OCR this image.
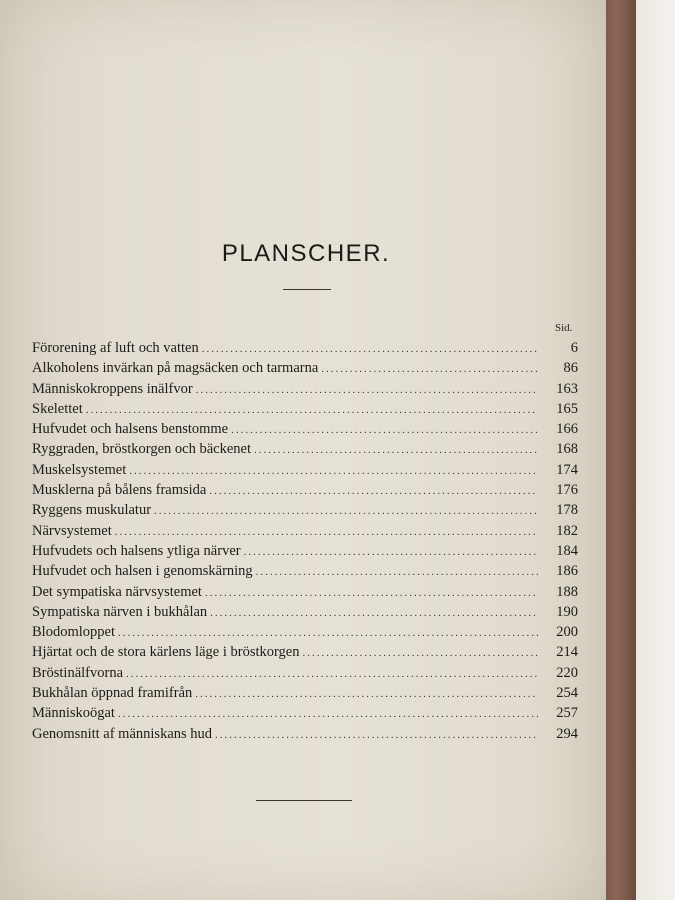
PLANSCHER.
Sid.
Förorening af luft och vatten .....	6
Alkoholens invärkan på magsäcken och tarmarna .....	86
Människokroppens inälfvor .....	163
Skelettet .....	165
Hufvudet och halsens benstomme .....	166
Ryggraden, bröstkorgen och bäckenet .....	168
Muskelsystemet .....	174
Musklerna på bålens framsida .....	176
Ryggens muskulatur .....	178
Närvsystemet .....	182
Hufvudets och halsens ytliga närver .....	184
Hufvudet och halsen i genomskärning .....	186
Det sympatiska närvsystemet .....	188
Sympatiska närven i bukhålan .....	190
Blodomloppet .....	200
Hjärtat och de stora kärlens läge i bröstkorgen .....	214
Bröstinälfvorna .....	220
Bukhålan öppnad framifrån .....	254
Människoögat .....	257
Genomsnitt af människans hud .....	294
